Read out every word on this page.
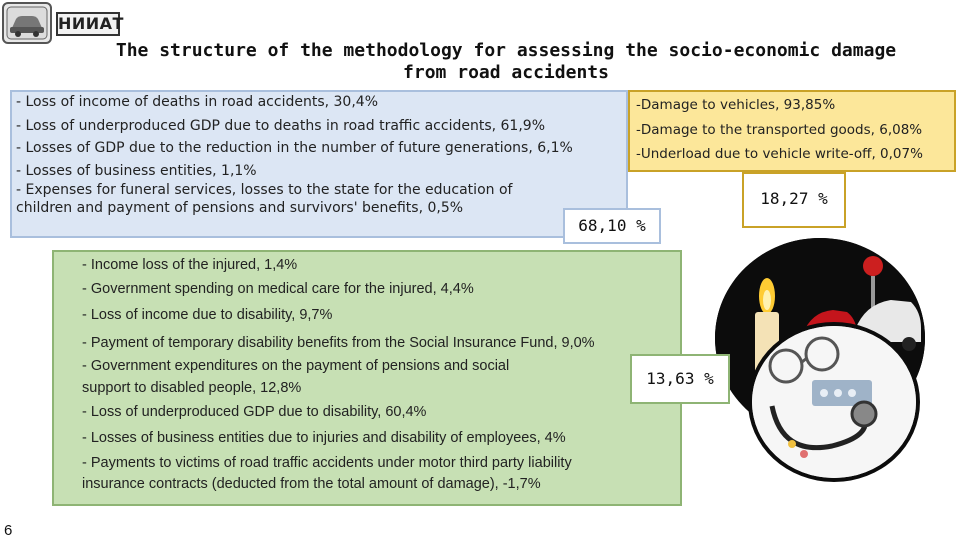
НИИАТ
The structure of the methodology for assessing the socio-economic damage
from road accidents
- Loss of income of deaths in road accidents, 30,4%
- Loss of underproduced GDP due to deaths in road traffic accidents, 61,9%
- Losses of GDP due to the reduction in the number of future generations, 6,1%
- Losses of business entities, 1,1%
- Expenses for funeral services, losses to the state for the education of
children and payment of pensions and survivors' benefits, 0,5%
68,10 %
-Damage to vehicles, 93,85%
-Damage to the transported goods, 6,08%
-Underload due to vehicle write-off, 0,07%
18,27 %
- Income loss of the injured, 1,4%
- Government spending on medical care for the injured, 4,4%
- Loss of income due to disability, 9,7%
- Payment of temporary disability benefits from the Social Insurance Fund, 9,0%
- Government expenditures on the payment of pensions and social
support to disabled people, 12,8%
- Loss of underproduced GDP due to disability, 60,4%
- Losses of business entities due to injuries and disability of employees, 4%
- Payments to victims of road traffic accidents under motor third party liability
insurance contracts (deducted from the total amount of damage), -1,7%
13,63 %
6
